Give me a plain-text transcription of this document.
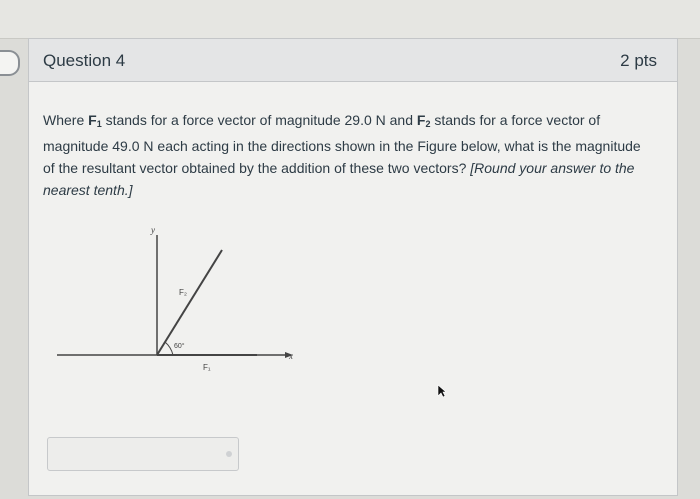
Question 4	2 pts
Where $F_1$ stands for a force vector of magnitude 29.0 N and $F_2$ stands for a force vector of magnitude 49.0 N each acting in the directions shown in the Figure below, what is the magnitude of the resultant vector obtained by the addition of these two vectors? [Round your answer to the nearest tenth.]
y
x
F₂
F₁
60°
